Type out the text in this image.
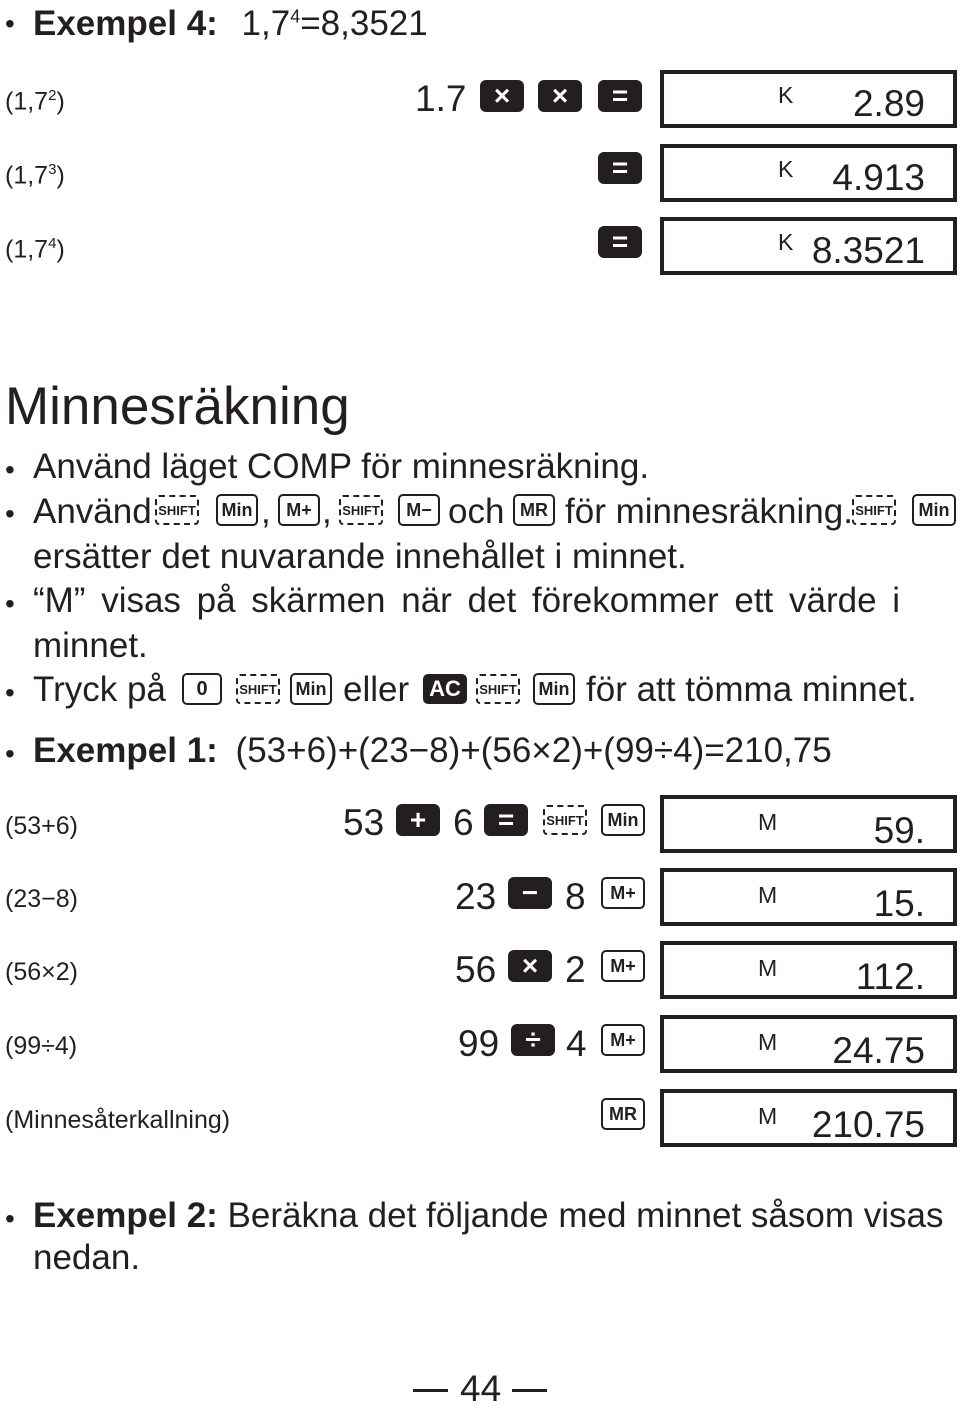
• Exempel 4: $1,7^4=8,3521$
$(1,7^2)$	1.7 ×	×	=	K 2.89
$(1,7^3)$	=	K 4.913
$(1,7^4)$	=	K 8.3521
Minnesräkning
• Använd läget COMP för minnesräkning.
• Använd SHIFT	Min , M+ , SHIFT	M− och MR för minnesräkning. SHIFT	Min
ersätter det nuvarande innehållet i minnet.
• “M” visas på skärmen när det förekommer ett värde i
minnet.
• Tryck på	0	SHIFT	Min eller AC	SHIFT	Min för att tömma minnet.
• Exempel 1: (53+6)+(23−8)+(56×2)+(99÷4)=210,75
(53+6)	53 + 6 =	SHIFT	Min	M	59.
(23−8)	23 − 8	M+	M	15.
(56×2)	56 × 2	M+	M 112.
(99÷4)	99 ÷ 4	M+	M 24.75
(Minnesåterkallning)	MR	M 210.75
• Exempel 2: Beräkna det följande med minnet såsom visas
nedan.
44
